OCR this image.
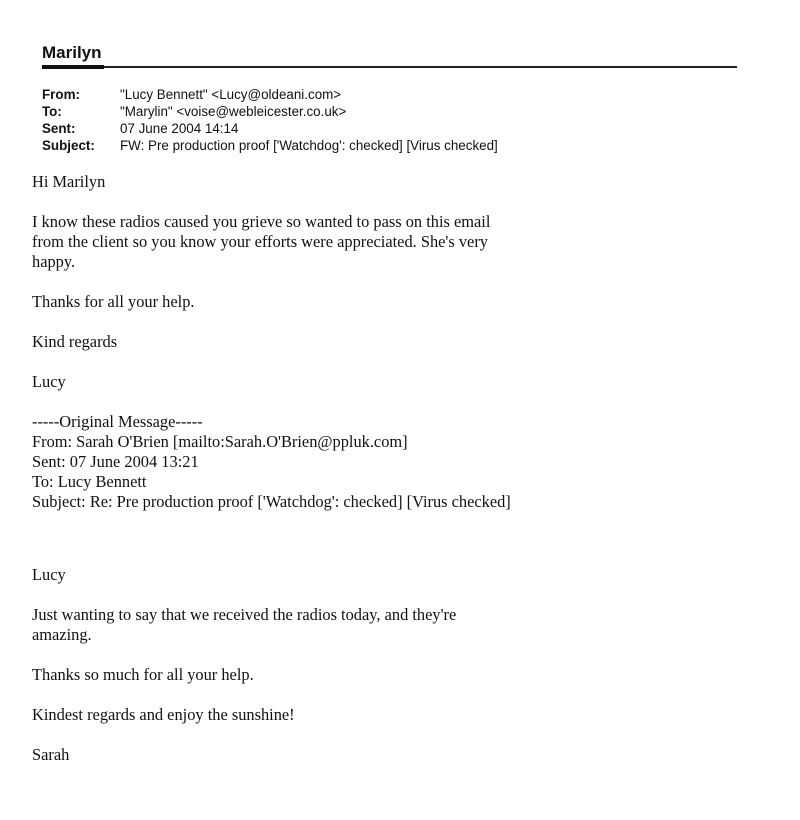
Marilyn
From:	"Lucy Bennett" <Lucy@oldeani.com>
To:	"Marylin" <voise@webleicester.co.uk>
Sent:	07 June 2004 14:14
Subject:	FW: Pre production proof ['Watchdog': checked] [Virus checked]

Hi Marilyn

I know these radios caused you grieve so wanted to pass on this email
from the client so you know your efforts were appreciated. She's very
happy.

Thanks for all your help.

Kind regards

Lucy

-----Original Message-----
From: Sarah O'Brien [mailto:Sarah.O'Brien@ppluk.com]
Sent: 07 June 2004 13:21
To: Lucy Bennett
Subject: Re: Pre production proof ['Watchdog': checked] [Virus checked]

Lucy

Just wanting to say that we received the radios today, and they're
amazing.

Thanks so much for all your help.

Kindest regards and enjoy the sunshine!

Sarah
